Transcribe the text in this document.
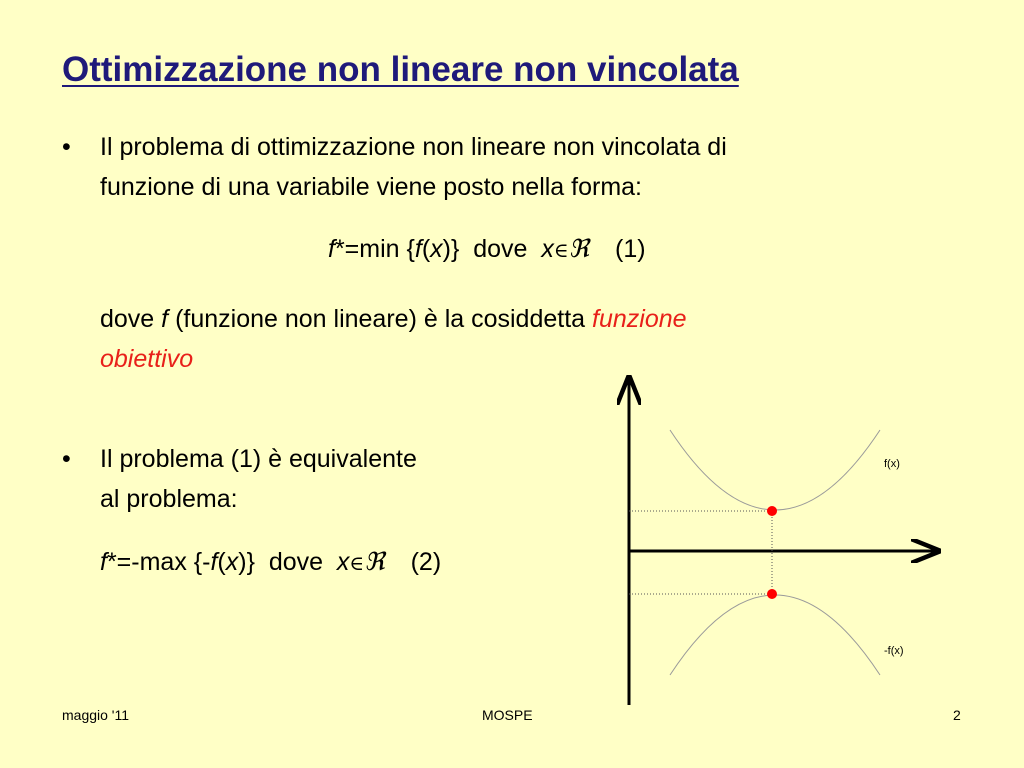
Ottimizzazione non lineare non vincolata
• Il problema di ottimizzazione non lineare non vincolata di
funzione di una variabile viene posto nella forma:
f*=min {f(x)}  dove  x∈ℜ (1)
dove f (funzione non lineare) è la cosiddetta funzione
obiettivo
• Il problema (1) è equivalente
al problema:
f*=-max {-f(x)}  dove  x∈ℜ (2)
f(x)
-f(x)
maggio '11	MOSPE	2
